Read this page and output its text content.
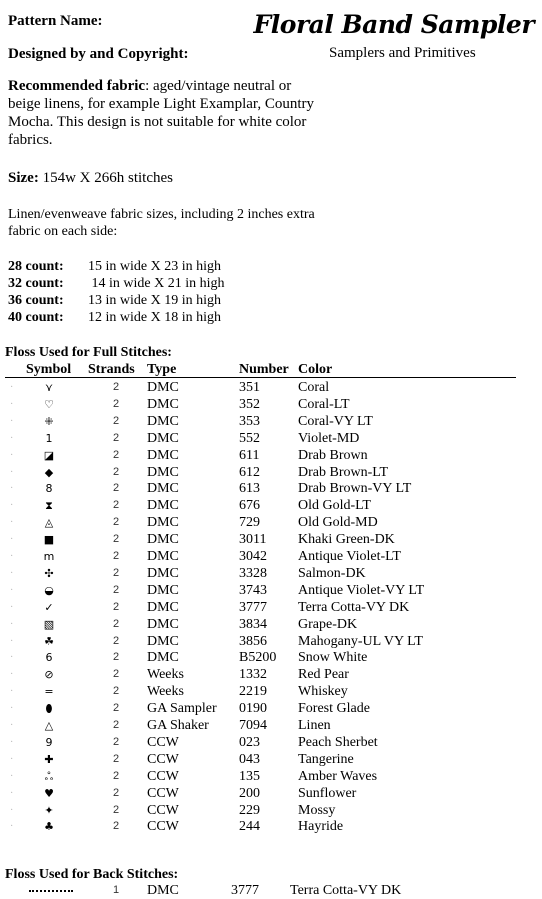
Pattern Name:	Floral Band Sampler
Designed by and Copyright:	Samplers and Primitives
Recommended fabric: aged/vintage neutral or beige linens, for example Light Examplar, Country Mocha. This design is not suitable for white color fabrics.
Size: 154w X 266h stitches
Linen/evenweave fabric sizes, including 2 inches extra fabric on each side:
28 count: 15 in wide X 23 in high
32 count: 14 in wide X 21 in high
36 count: 13 in wide X 19 in high
40 count: 12 in wide X 18 in high
Floss Used for Full Stitches:
Symbol Strands Type	Number Color
·	⋎	2 DMC	351	Coral
·	♡	2 DMC	352	Coral-LT
·	⁜	2 DMC	353	Coral-VY LT
·	1	2 DMC	552	Violet-MD
·	◪	2 DMC	611	Drab Brown
·	◆	2 DMC	612	Drab Brown-LT
·	8	2 DMC	613	Drab Brown-VY LT
·	⧗	2 DMC	676	Old Gold-LT
·	◬	2 DMC	729	Old Gold-MD
·	■	2 DMC	3011 Khaki Green-DK
·	m	2 DMC	3042 Antique Violet-LT
·	✣	2 DMC	3328 Salmon-DK
·	◒	2 DMC	3743 Antique Violet-VY LT
·	✓	2 DMC	3777 Terra Cotta-VY DK
·	▧	2 DMC	3834 Grape-DK
·	☘	2 DMC	3856 Mahogany-UL VY LT
·	6	2 DMC	B5200 Snow White
·	⊘	2 Weeks	1332 Red Pear
·	=	2 Weeks	2219 Whiskey
·	⬮	2 GA Sampler 0190 Forest Glade
·	△	2 GA Shaker 7094 Linen
·	9	2 CCW	023	Peach Sherbet
·	✚	2 CCW	043	Tangerine
·	ஃ	2 CCW	135	Amber Waves
·	♥	2 CCW	200	Sunflower
·	✦	2 CCW	229	Mossy
·	♣	2 CCW	244	Hayride
Floss Used for Back Stitches:
1 DMC	3777 Terra Cotta-VY DK
